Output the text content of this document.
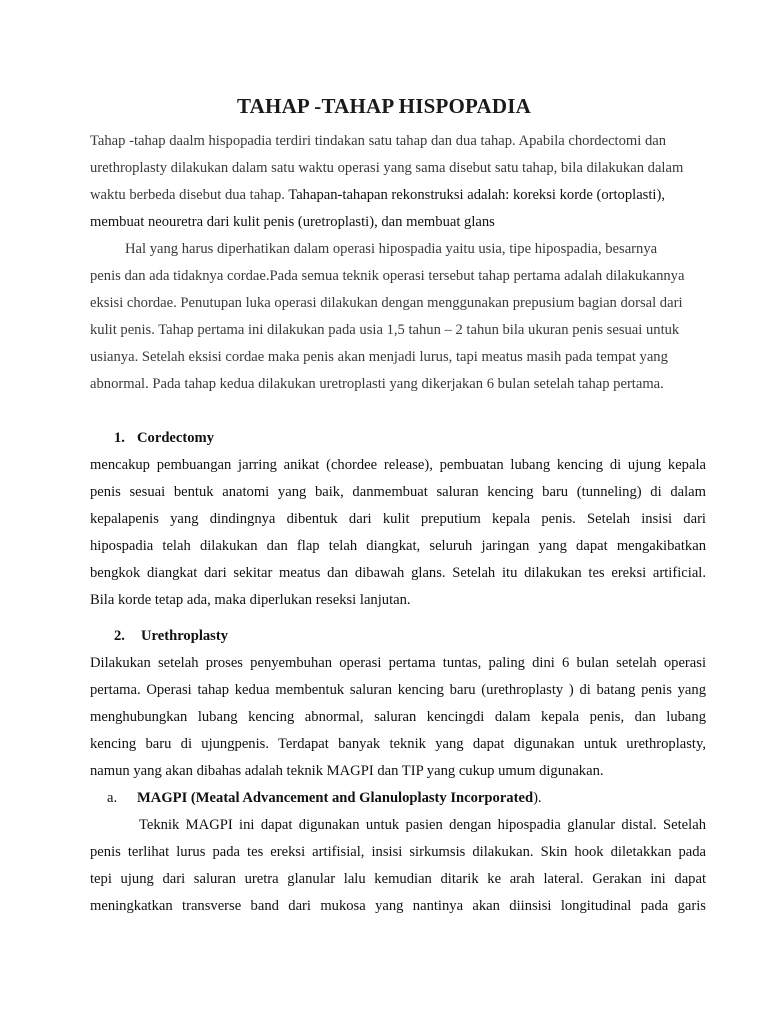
TAHAP -TAHAP HISPOPADIA
Tahap -tahap daalm hispopadia terdiri tindakan satu tahap dan dua tahap. Apabila chordectomi dan
urethroplasty dilakukan dalam satu waktu operasi yang sama disebut satu tahap, bila dilakukan dalam
waktu berbeda disebut dua tahap. Tahapan-tahapan rekonstruksi adalah: koreksi korde (ortoplasti),
membuat neouretra dari kulit penis (uretroplasti), dan membuat glans
Hal yang harus diperhatikan dalam operasi hipospadia yaitu usia, tipe hipospadia, besarnya
penis dan ada tidaknya cordae.Pada semua teknik operasi tersebut tahap pertama adalah dilakukannya
eksisi chordae. Penutupan luka operasi dilakukan dengan menggunakan prepusium bagian dorsal dari
kulit penis. Tahap pertama ini dilakukan pada usia 1,5 tahun – 2 tahun bila ukuran penis sesuai untuk
usianya. Setelah eksisi cordae maka penis akan menjadi lurus, tapi meatus masih pada tempat yang
abnormal. Pada tahap kedua dilakukan uretroplasti yang dikerjakan 6 bulan setelah tahap pertama.
1. Cordectomy
mencakup pembuangan jarring anikat (chordee release), pembuatan lubang kencing di ujung kepala
penis sesuai bentuk anatomi yang baik, danmembuat saluran kencing baru (tunneling) di dalam
kepalapenis yang dindingnya dibentuk dari kulit preputium kepala penis. Setelah insisi dari
hipospadia telah dilakukan dan flap telah diangkat, seluruh jaringan yang dapat mengakibatkan
bengkok diangkat dari sekitar meatus dan dibawah glans. Setelah itu dilakukan tes ereksi artificial.
Bila korde tetap ada, maka diperlukan reseksi lanjutan.
2.	Urethroplasty
Dilakukan setelah proses penyembuhan operasi pertama tuntas, paling dini 6 bulan setelah operasi
pertama. Operasi tahap kedua membentuk saluran kencing baru (urethroplasty ) di batang penis yang
menghubungkan lubang kencing abnormal, saluran kencingdi dalam kepala penis, dan lubang
kencing baru di ujungpenis. Terdapat banyak teknik yang dapat digunakan untuk urethroplasty,
namun yang akan dibahas adalah teknik MAGPI dan TIP yang cukup umum digunakan.
a.	MAGPI (Meatal Advancement and Glanuloplasty Incorporated).
Teknik MAGPI ini dapat digunakan untuk pasien dengan hipospadia glanular distal. Setelah
penis terlihat lurus pada tes ereksi artifisial, insisi sirkumsis dilakukan. Skin hook diletakkan pada
tepi ujung dari saluran uretra glanular lalu kemudian ditarik ke arah lateral. Gerakan ini dapat
meningkatkan transverse band dari mukosa yang nantinya akan diinsisi longitudinal pada garis
